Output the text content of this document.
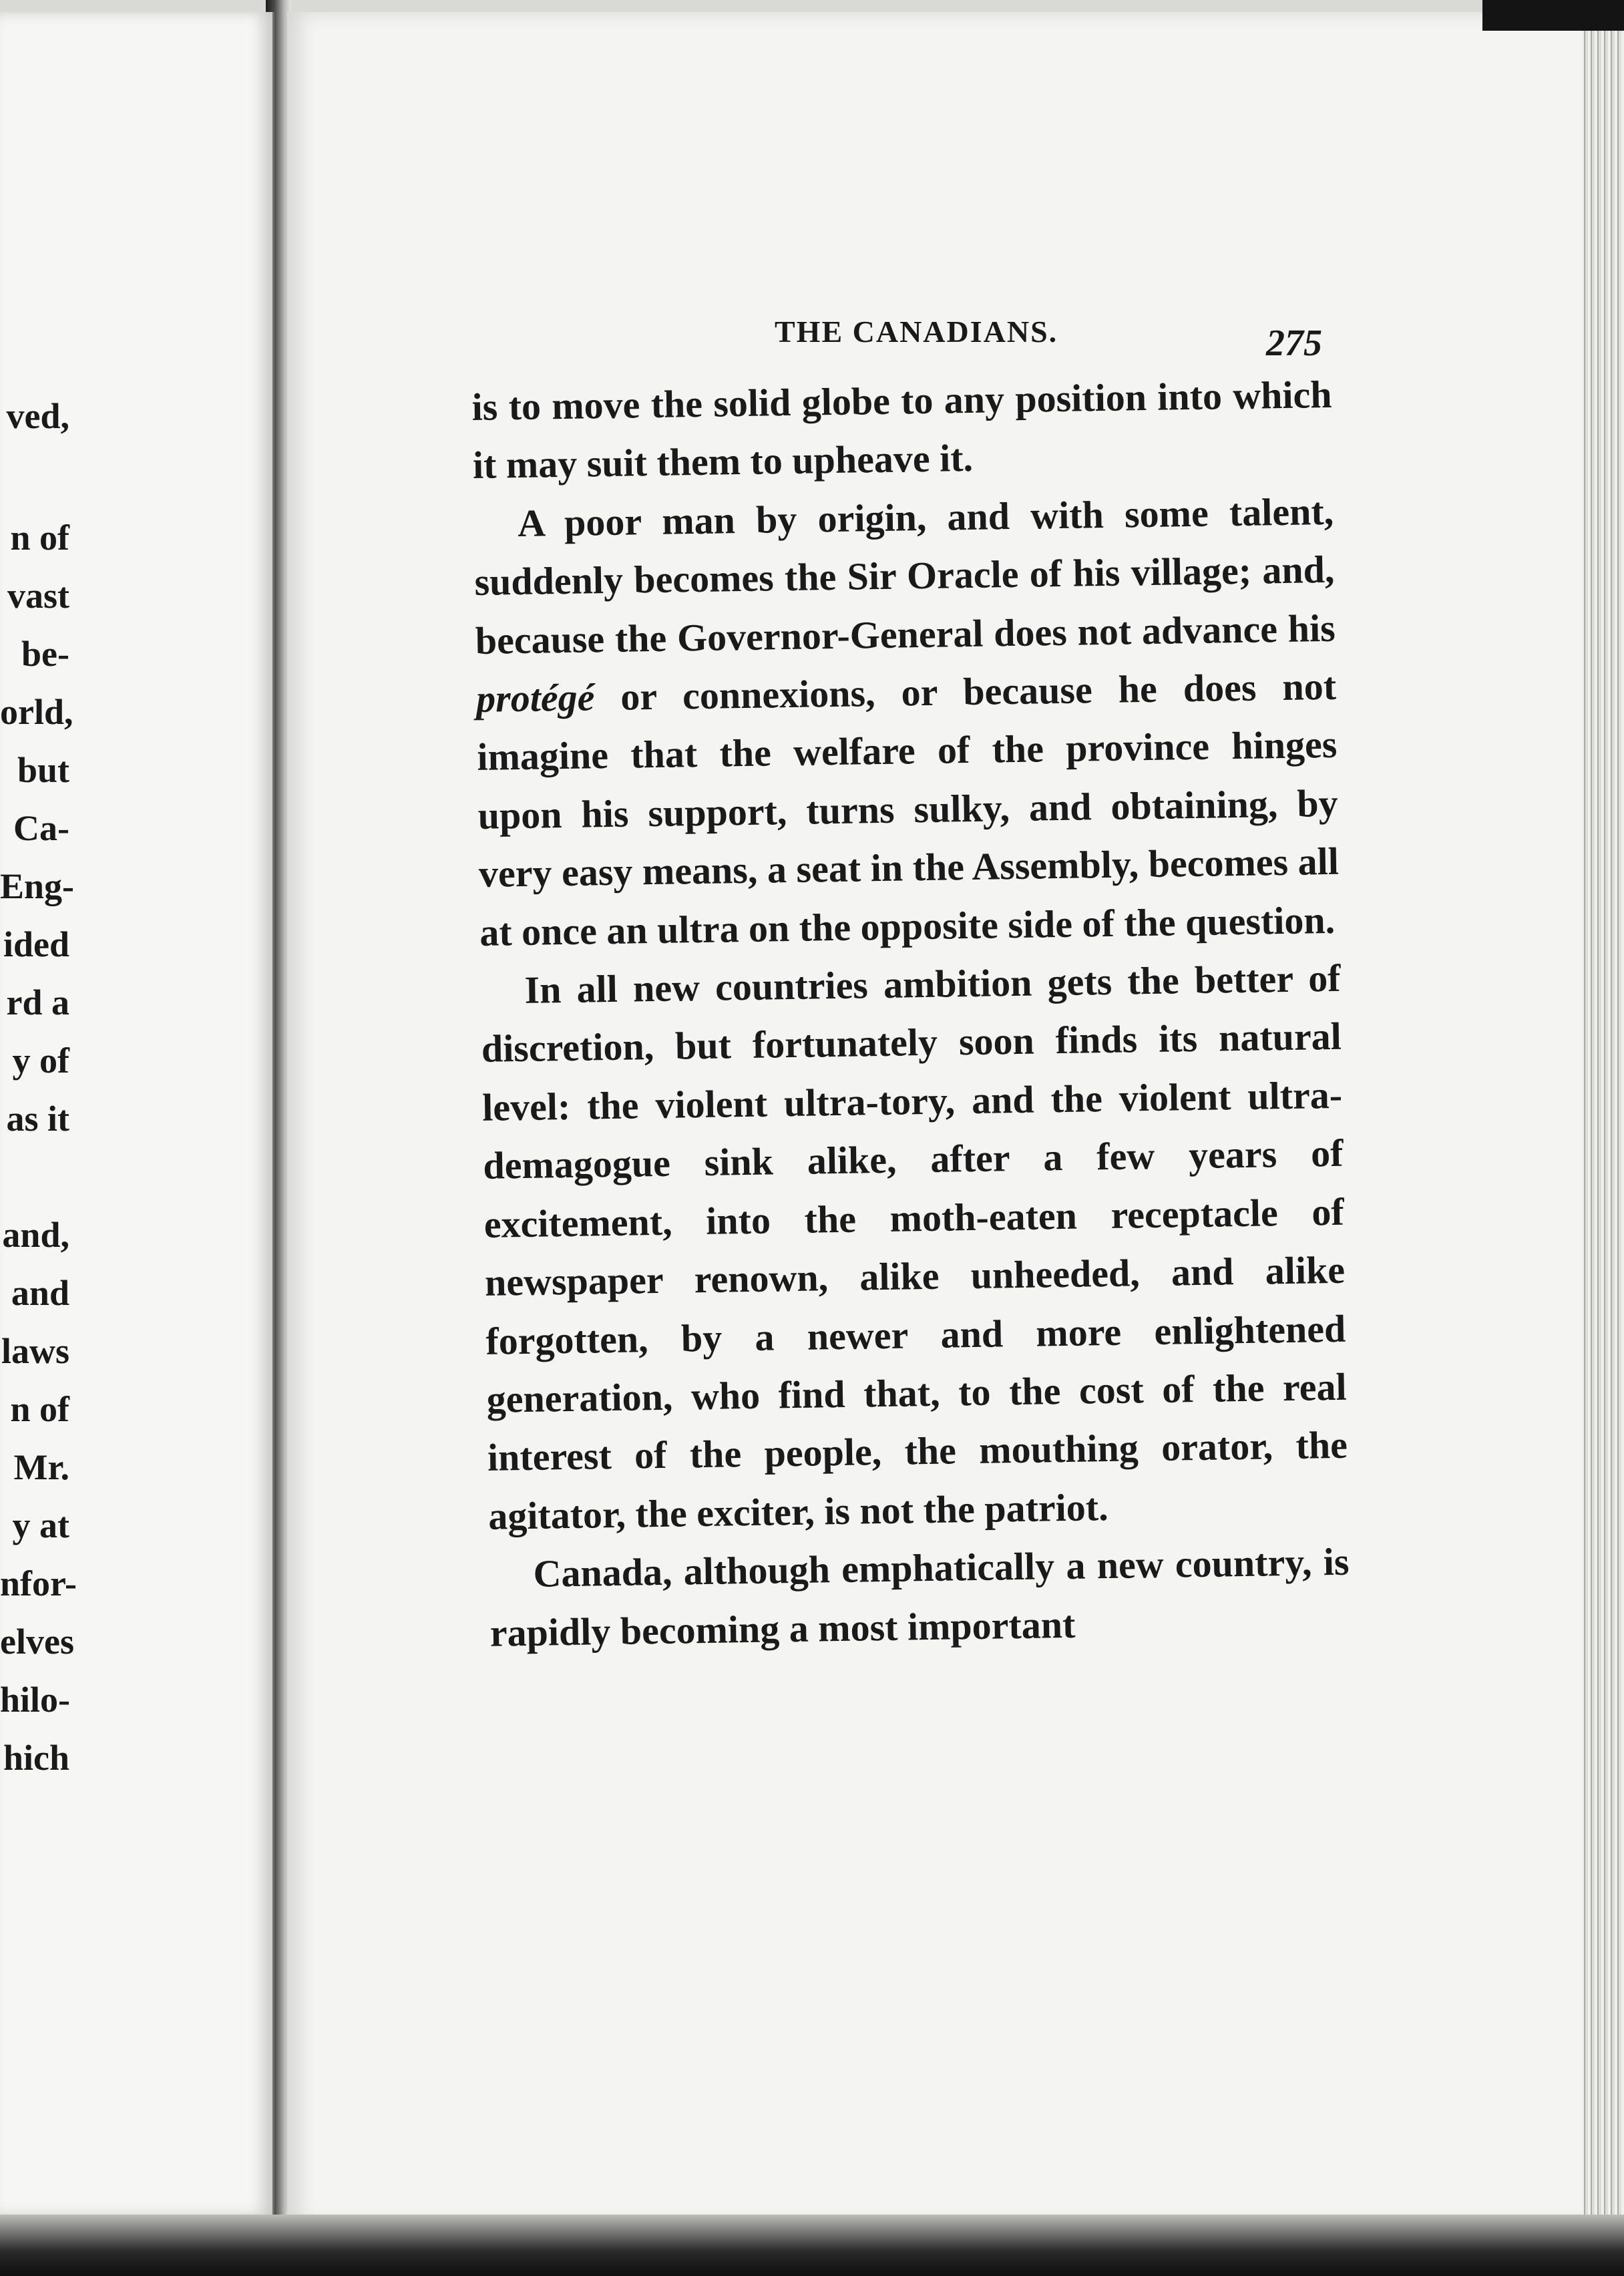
ved,
n of
vast
be-
orld,
but
Ca-
Eng-
ided
rd a
y of
as it
and,
and
laws
n of
Mr.
y at
nfor-
elves
hilo-
hich
THE CANADIANS.	275

is to move the solid globe to any position into which it may suit them to upheave it.

A poor man by origin, and with some talent, suddenly becomes the Sir Oracle of his village; and, because the Governor-General does not advance his protégé or connexions, or because he does not imagine that the welfare of the province hinges upon his support, turns sulky, and obtaining, by very easy means, a seat in the Assembly, becomes all at once an ultra on the opposite side of the question.

In all new countries ambition gets the better of discretion, but fortunately soon finds its natural level: the violent ultra-tory, and the violent ultra-demagogue sink alike, after a few years of excitement, into the moth-eaten receptacle of newspaper renown, alike unheeded, and alike forgotten, by a newer and more enlightened generation, who find that, to the cost of the real interest of the people, the mouthing orator, the agitator, the exciter, is not the patriot.

Canada, although emphatically a new country, is rapidly becoming a most important
